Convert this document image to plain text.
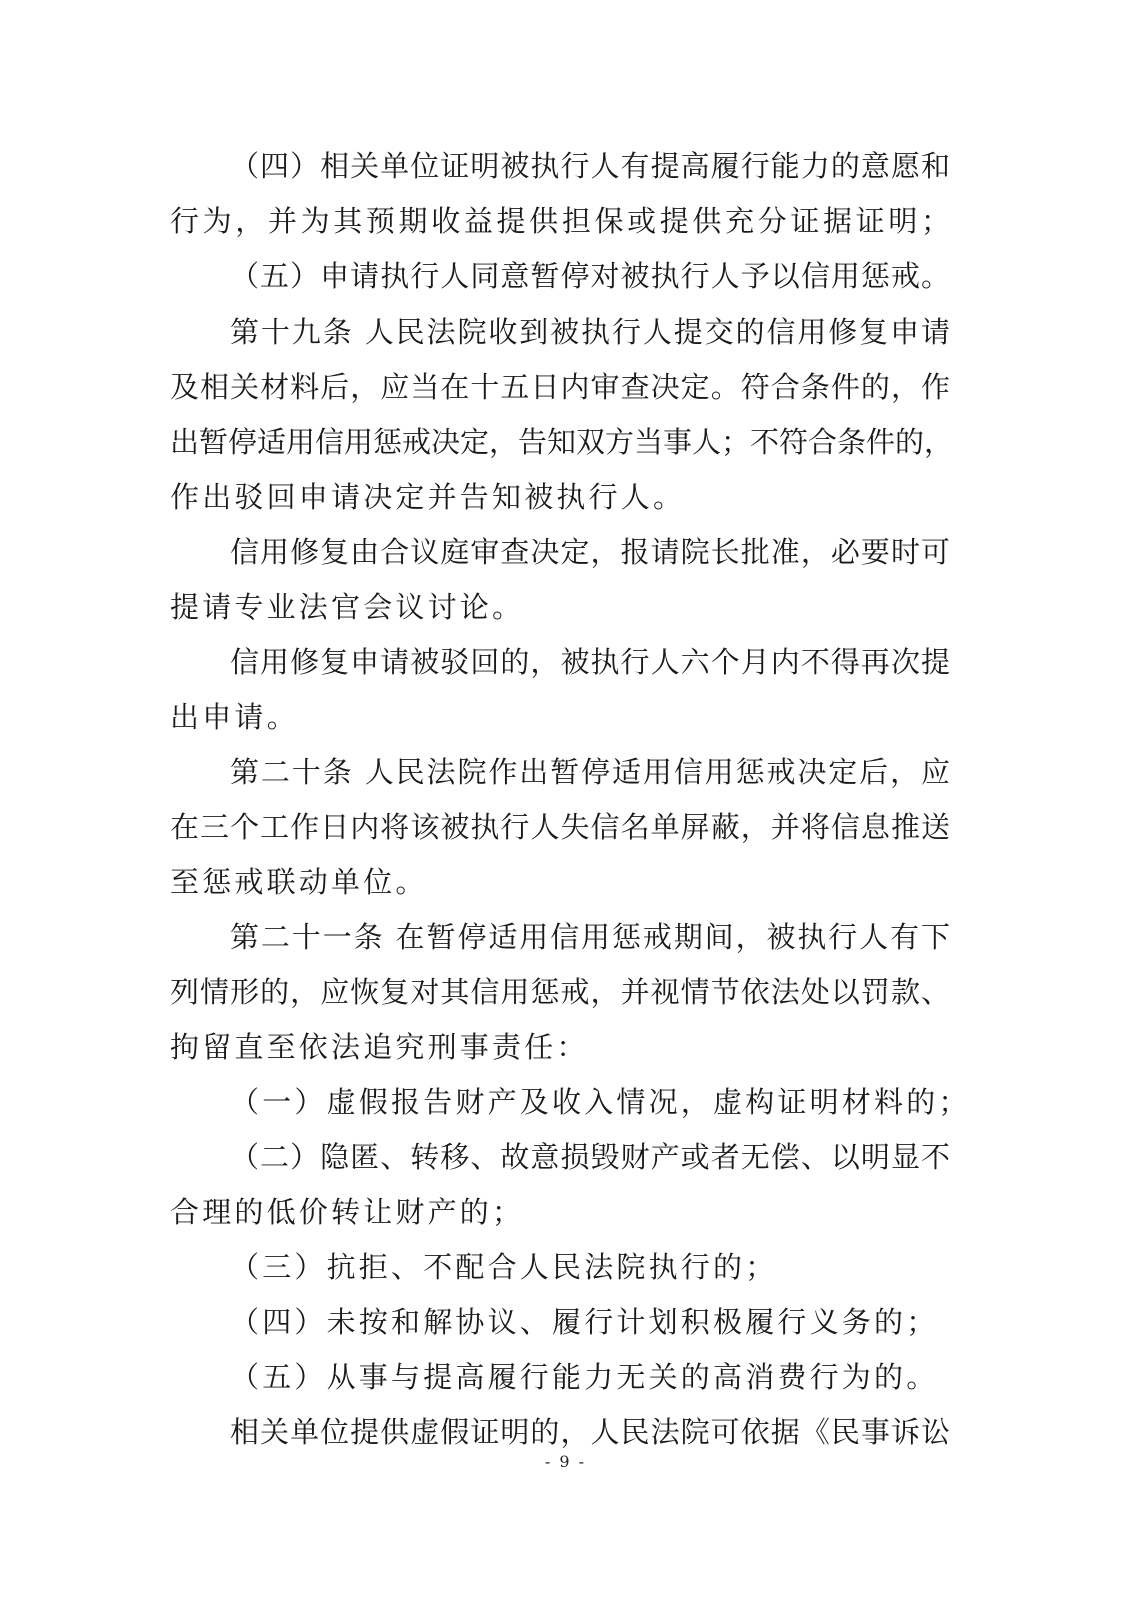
（四）相关单位证明被执行人有提高履行能力的意愿和
行为，并为其预期收益提供担保或提供充分证据证明；
（五）申请执行人同意暂停对被执行人予以信用惩戒。
第十九条 人民法院收到被执行人提交的信用修复申请
及相关材料后，应当在十五日内审查决定。符合条件的，作
出暂停适用信用惩戒决定，告知双方当事人；不符合条件的，
作出驳回申请决定并告知被执行人。
信用修复由合议庭审查决定，报请院长批准，必要时可
提请专业法官会议讨论。
信用修复申请被驳回的，被执行人六个月内不得再次提
出申请。
第二十条 人民法院作出暂停适用信用惩戒决定后，应
在三个工作日内将该被执行人失信名单屏蔽，并将信息推送
至惩戒联动单位。
第二十一条 在暂停适用信用惩戒期间，被执行人有下
列情形的，应恢复对其信用惩戒，并视情节依法处以罚款、
拘留直至依法追究刑事责任：
（一）虚假报告财产及收入情况，虚构证明材料的；
（二）隐匿、转移、故意损毁财产或者无偿、以明显不
合理的低价转让财产的；
（三）抗拒、不配合人民法院执行的；
（四）未按和解协议、履行计划积极履行义务的；
（五）从事与提高履行能力无关的高消费行为的。
相关单位提供虚假证明的，人民法院可依据《民事诉讼
- 9 -
